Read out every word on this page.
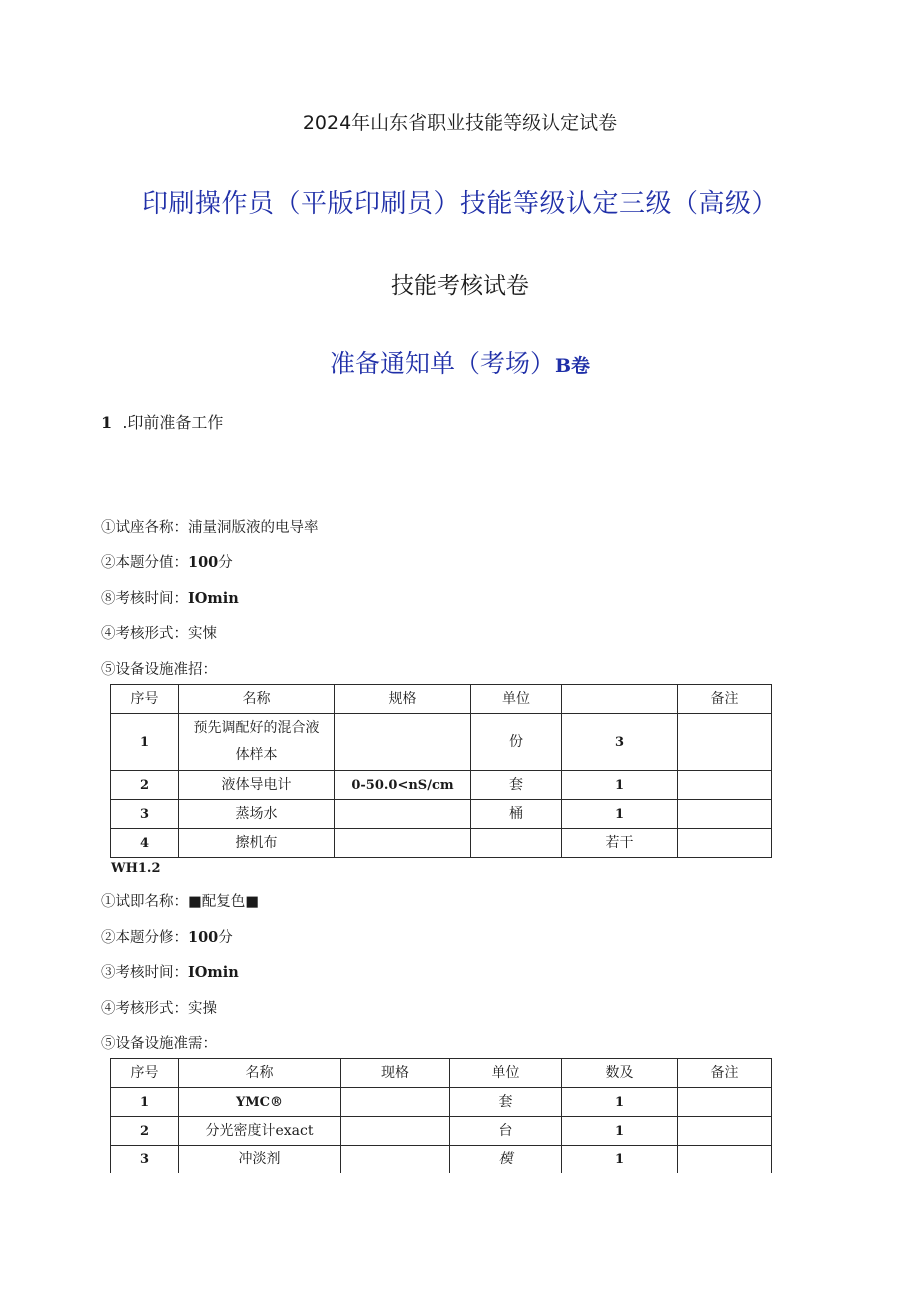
2024年山东省职业技能等级认定试卷
印刷操作员（平版印刷员）技能等级认定三级（高级）
技能考核试卷
准备通知单（考场）B卷
1 .印前准备工作
①试座各称：浦量洞版液的电导率
②本题分值：100分
⑧考核时间：IOmin
④考核形式：实悚
⑤设备设施准招：
序号	名称	规格	单位		备注
1	预先调配好的混合液
体样本		份	3	
2	液体导电计	0-50.0<nS∕cm	套	1	
3	蒸场水		桶	1	
4	擦机布			若干	
WH1.2
①试即名称：■配复色■
②本题分修：100分
③考核时间：IOmin
④考核形式：实操
⑤设备设施准需：
序号	名称	现格	单位	数及	备注
1	YMC®		套	1	
2	分光密度计exact		台	1	
3	冲淡剂		模	1	
